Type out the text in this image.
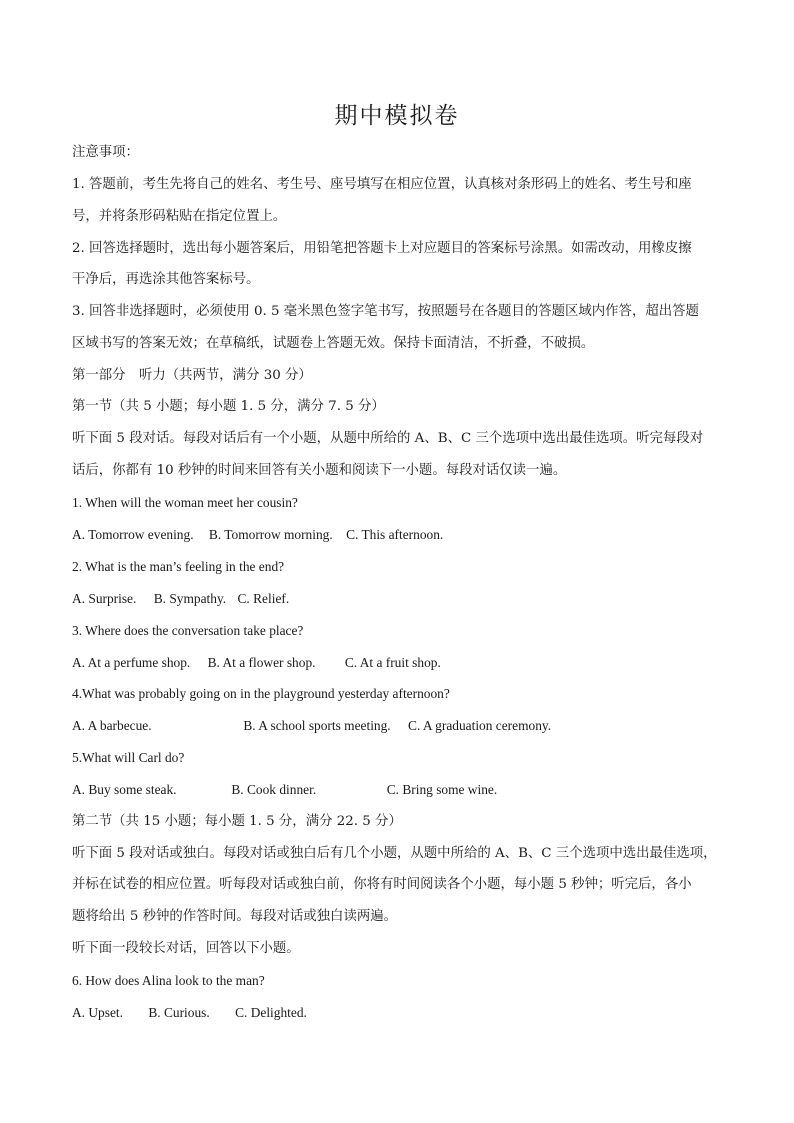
期中模拟卷
注意事项：
1. 答题前，考生先将自己的姓名、考生号、座号填写在相应位置，认真核对条形码上的姓名、考生号和座
号，并将条形码粘贴在指定位置上。
2. 回答选择题时，选出每小题答案后，用铅笔把答题卡上对应题目的答案标号涂黑。如需改动，用橡皮擦
干净后，再选涂其他答案标号。
3. 回答非选择题时，必须使用 0. 5 毫米黑色签字笔书写，按照题号在各题目的答题区域内作答，超出答题
区域书写的答案无效；在草稿纸，试题卷上答题无效。保持卡面清洁，不折叠，不破损。
第一部分　听力（共两节，满分 30 分）
第一节（共 5 小题；每小题 1. 5 分，满分 7. 5 分）
听下面 5 段对话。每段对话后有一个小题，从题中所给的 A、B、C 三个选项中选出最佳选项。听完每段对
话后，你都有 10 秒钟的时间来回答有关小题和阅读下一小题。每段对话仅读一遍。
1. When will the woman meet her cousin?
A. Tomorrow evening. B. Tomorrow morning. C. This afternoon.
2. What is the man’s feeling in the end?
A. Surprise. B. Sympathy. C. Relief.
3. Where does the conversation take place?
A. At a perfume shop. B. At a flower shop. C. At a fruit shop.
4.What was probably going on in the playground yesterday afternoon?
A. A barbecue.	B. A school sports meeting. C. A graduation ceremony.
5.What will Carl do?
A. Buy some steak.	B. Cook dinner.	C. Bring some wine.
第二节（共 15 小题；每小题 1. 5 分，满分 22. 5 分）
听下面 5 段对话或独白。每段对话或独白后有几个小题，从题中所给的 A、B、C 三个选项中选出最佳选项，
并标在试卷的相应位置。听每段对话或独白前，你将有时间阅读各个小题，每小题 5 秒钟；听完后，各小
题将给出 5 秒钟的作答时间。每段对话或独白读两遍。
听下面一段较长对话，回答以下小题。
6. How does Alina look to the man?
A. Upset. B. Curious. C. Delighted.
